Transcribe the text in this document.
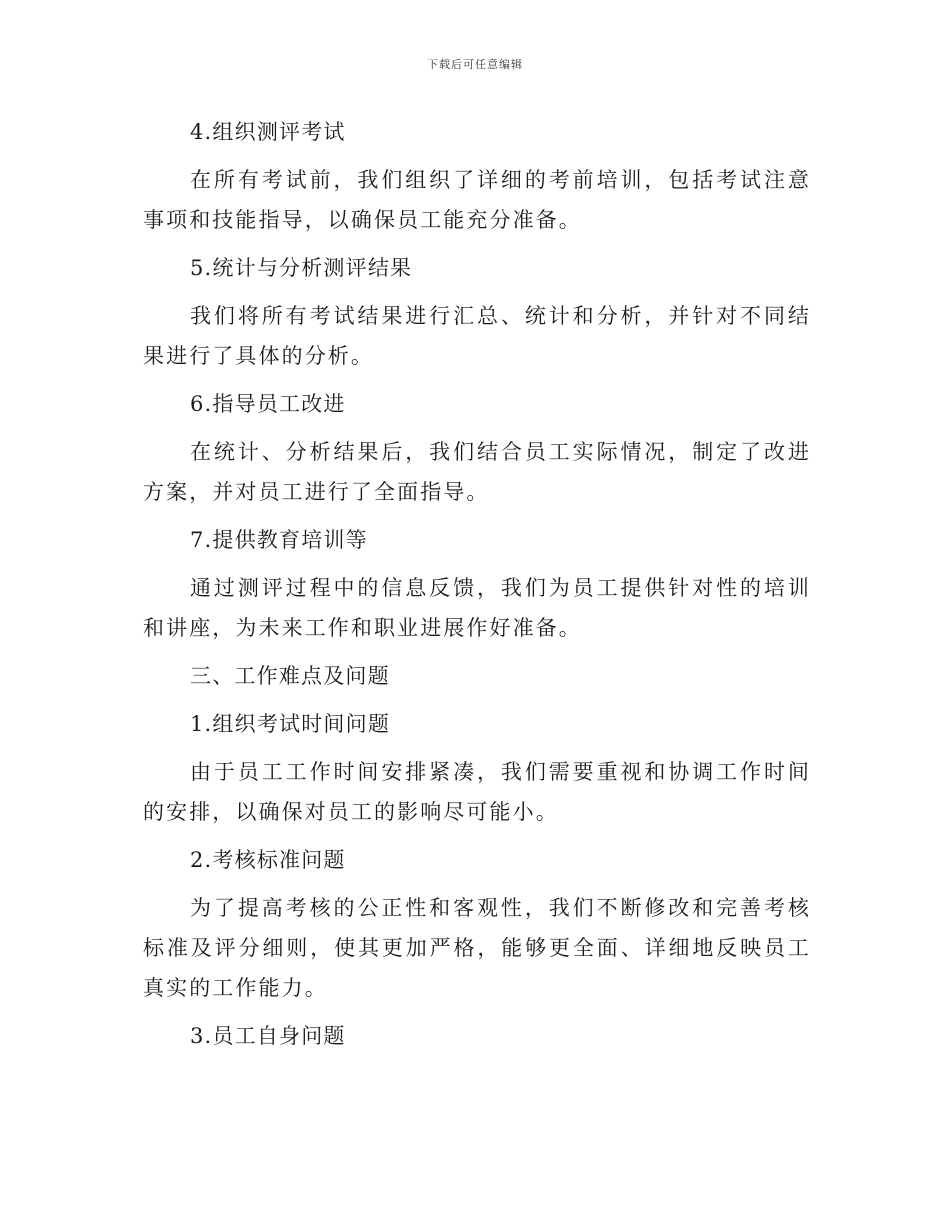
下载后可任意编辑
4.组织测评考试
在所有考试前，我们组织了详细的考前培训，包括考试注意事项和技能指导，以确保员工能充分准备。
5.统计与分析测评结果
我们将所有考试结果进行汇总、统计和分析，并针对不同结果进行了具体的分析。
6.指导员工改进
在统计、分析结果后，我们结合员工实际情况，制定了改进方案，并对员工进行了全面指导。
7.提供教育培训等
通过测评过程中的信息反馈，我们为员工提供针对性的培训和讲座，为未来工作和职业进展作好准备。
三、工作难点及问题
1.组织考试时间问题
由于员工工作时间安排紧凑，我们需要重视和协调工作时间的安排，以确保对员工的影响尽可能小。
2.考核标准问题
为了提高考核的公正性和客观性，我们不断修改和完善考核标准及评分细则，使其更加严格，能够更全面、详细地反映员工真实的工作能力。
3.员工自身问题
